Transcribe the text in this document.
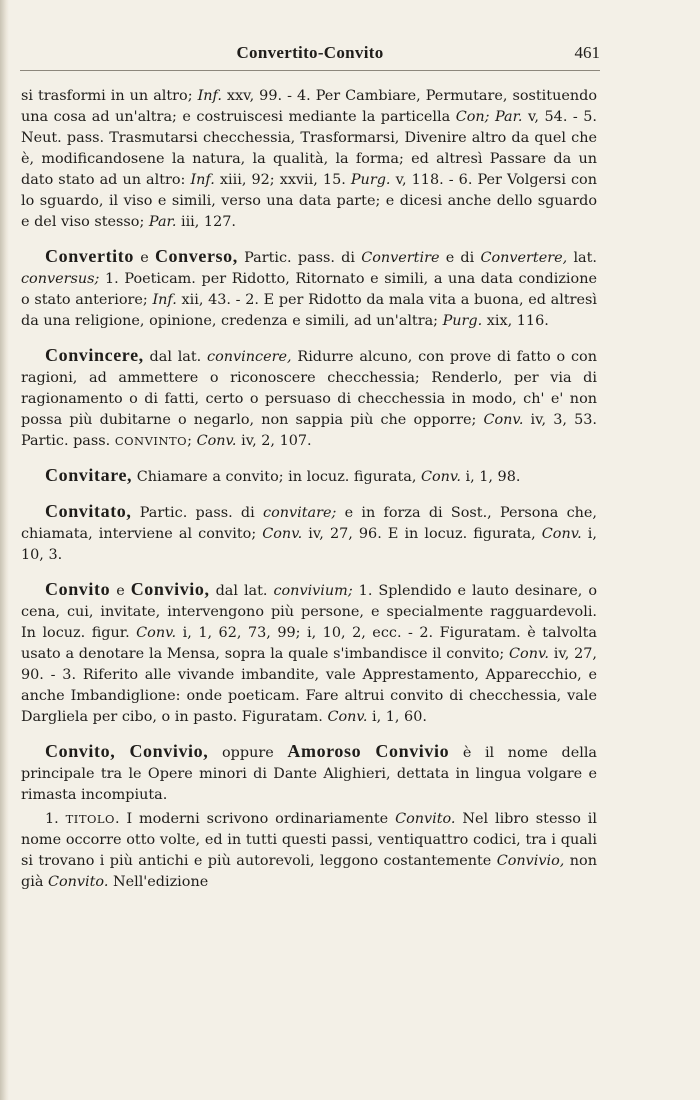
Convertito-Convito	461

si trasformi in un altro; Inf. xxv, 99. - 4. Per Cambiare, Permutare, sostituendo una cosa ad un'altra; e costruiscesi mediante la particella Con; Par. v, 54. - 5. Neut. pass. Trasmutarsi checchessia, Trasformarsi, Divenire altro da quel che è, modificandosene la natura, la qualità, la forma; ed altresì Passare da un dato stato ad un altro: Inf. xiii, 92; xxvii, 15. Purg. v, 118. - 6. Per Volgersi con lo sguardo, il viso e simili, verso una data parte; e dicesi anche dello sguardo e del viso stesso; Par. iii, 127.

Convertito e Converso, Partic. pass. di Convertire e di Convertere, lat. conversus; 1. Poeticam. per Ridotto, Ritornato e simili, a una data condizione o stato anteriore; Inf. xii, 43. - 2. E per Ridotto da mala vita a buona, ed altresì da una religione, opinione, credenza e simili, ad un'altra; Purg. xix, 116.

Convincere, dal lat. convincere, Ridurre alcuno, con prove di fatto o con ragioni, ad ammettere o riconoscere checchessia; Renderlo, per via di ragionamento o di fatti, certo o persuaso di checchessia in modo, ch' e' non possa più dubitarne o negarlo, non sappia più che opporre; Conv. iv, 3, 53. Partic. pass. CONVINTO; Conv. iv, 2, 107.

Convitare, Chiamare a convito; in locuz. figurata, Conv. i, 1, 98.

Convitato, Partic. pass. di convitare; e in forza di Sost., Persona che, chiamata, interviene al convito; Conv. iv, 27, 96. E in locuz. figurata, Conv. i, 10, 3.

Convito e Convivio, dal lat. convivium; 1. Splendido e lauto desinare, o cena, cui, invitate, intervengono più persone, e specialmente ragguardevoli. In locuz. figur. Conv. i, 1, 62, 73, 99; i, 10, 2, ecc. - 2. Figuratam. è talvolta usato a denotare la Mensa, sopra la quale s'imbandisce il convito; Conv. iv, 27, 90. - 3. Riferito alle vivande imbandite, vale Apprestamento, Apparecchio, e anche Imbandiglione: onde poeticam. Fare altrui convito di checchessia, vale Dargliela per cibo, o in pasto. Figuratam. Conv. i, 1, 60.

Convito, Convivio, oppure Amoroso Convivio è il nome della principale tra le Opere minori di Dante Alighieri, dettata in lingua volgare e rimasta incompiuta.

1. TITOLO. I moderni scrivono ordinariamente Convito. Nel libro stesso il nome occorre otto volte, ed in tutti questi passi, ventiquattro codici, tra i quali si trovano i più antichi e più autorevoli, leggono costantemente Convivio, non già Convito. Nell'edizione
